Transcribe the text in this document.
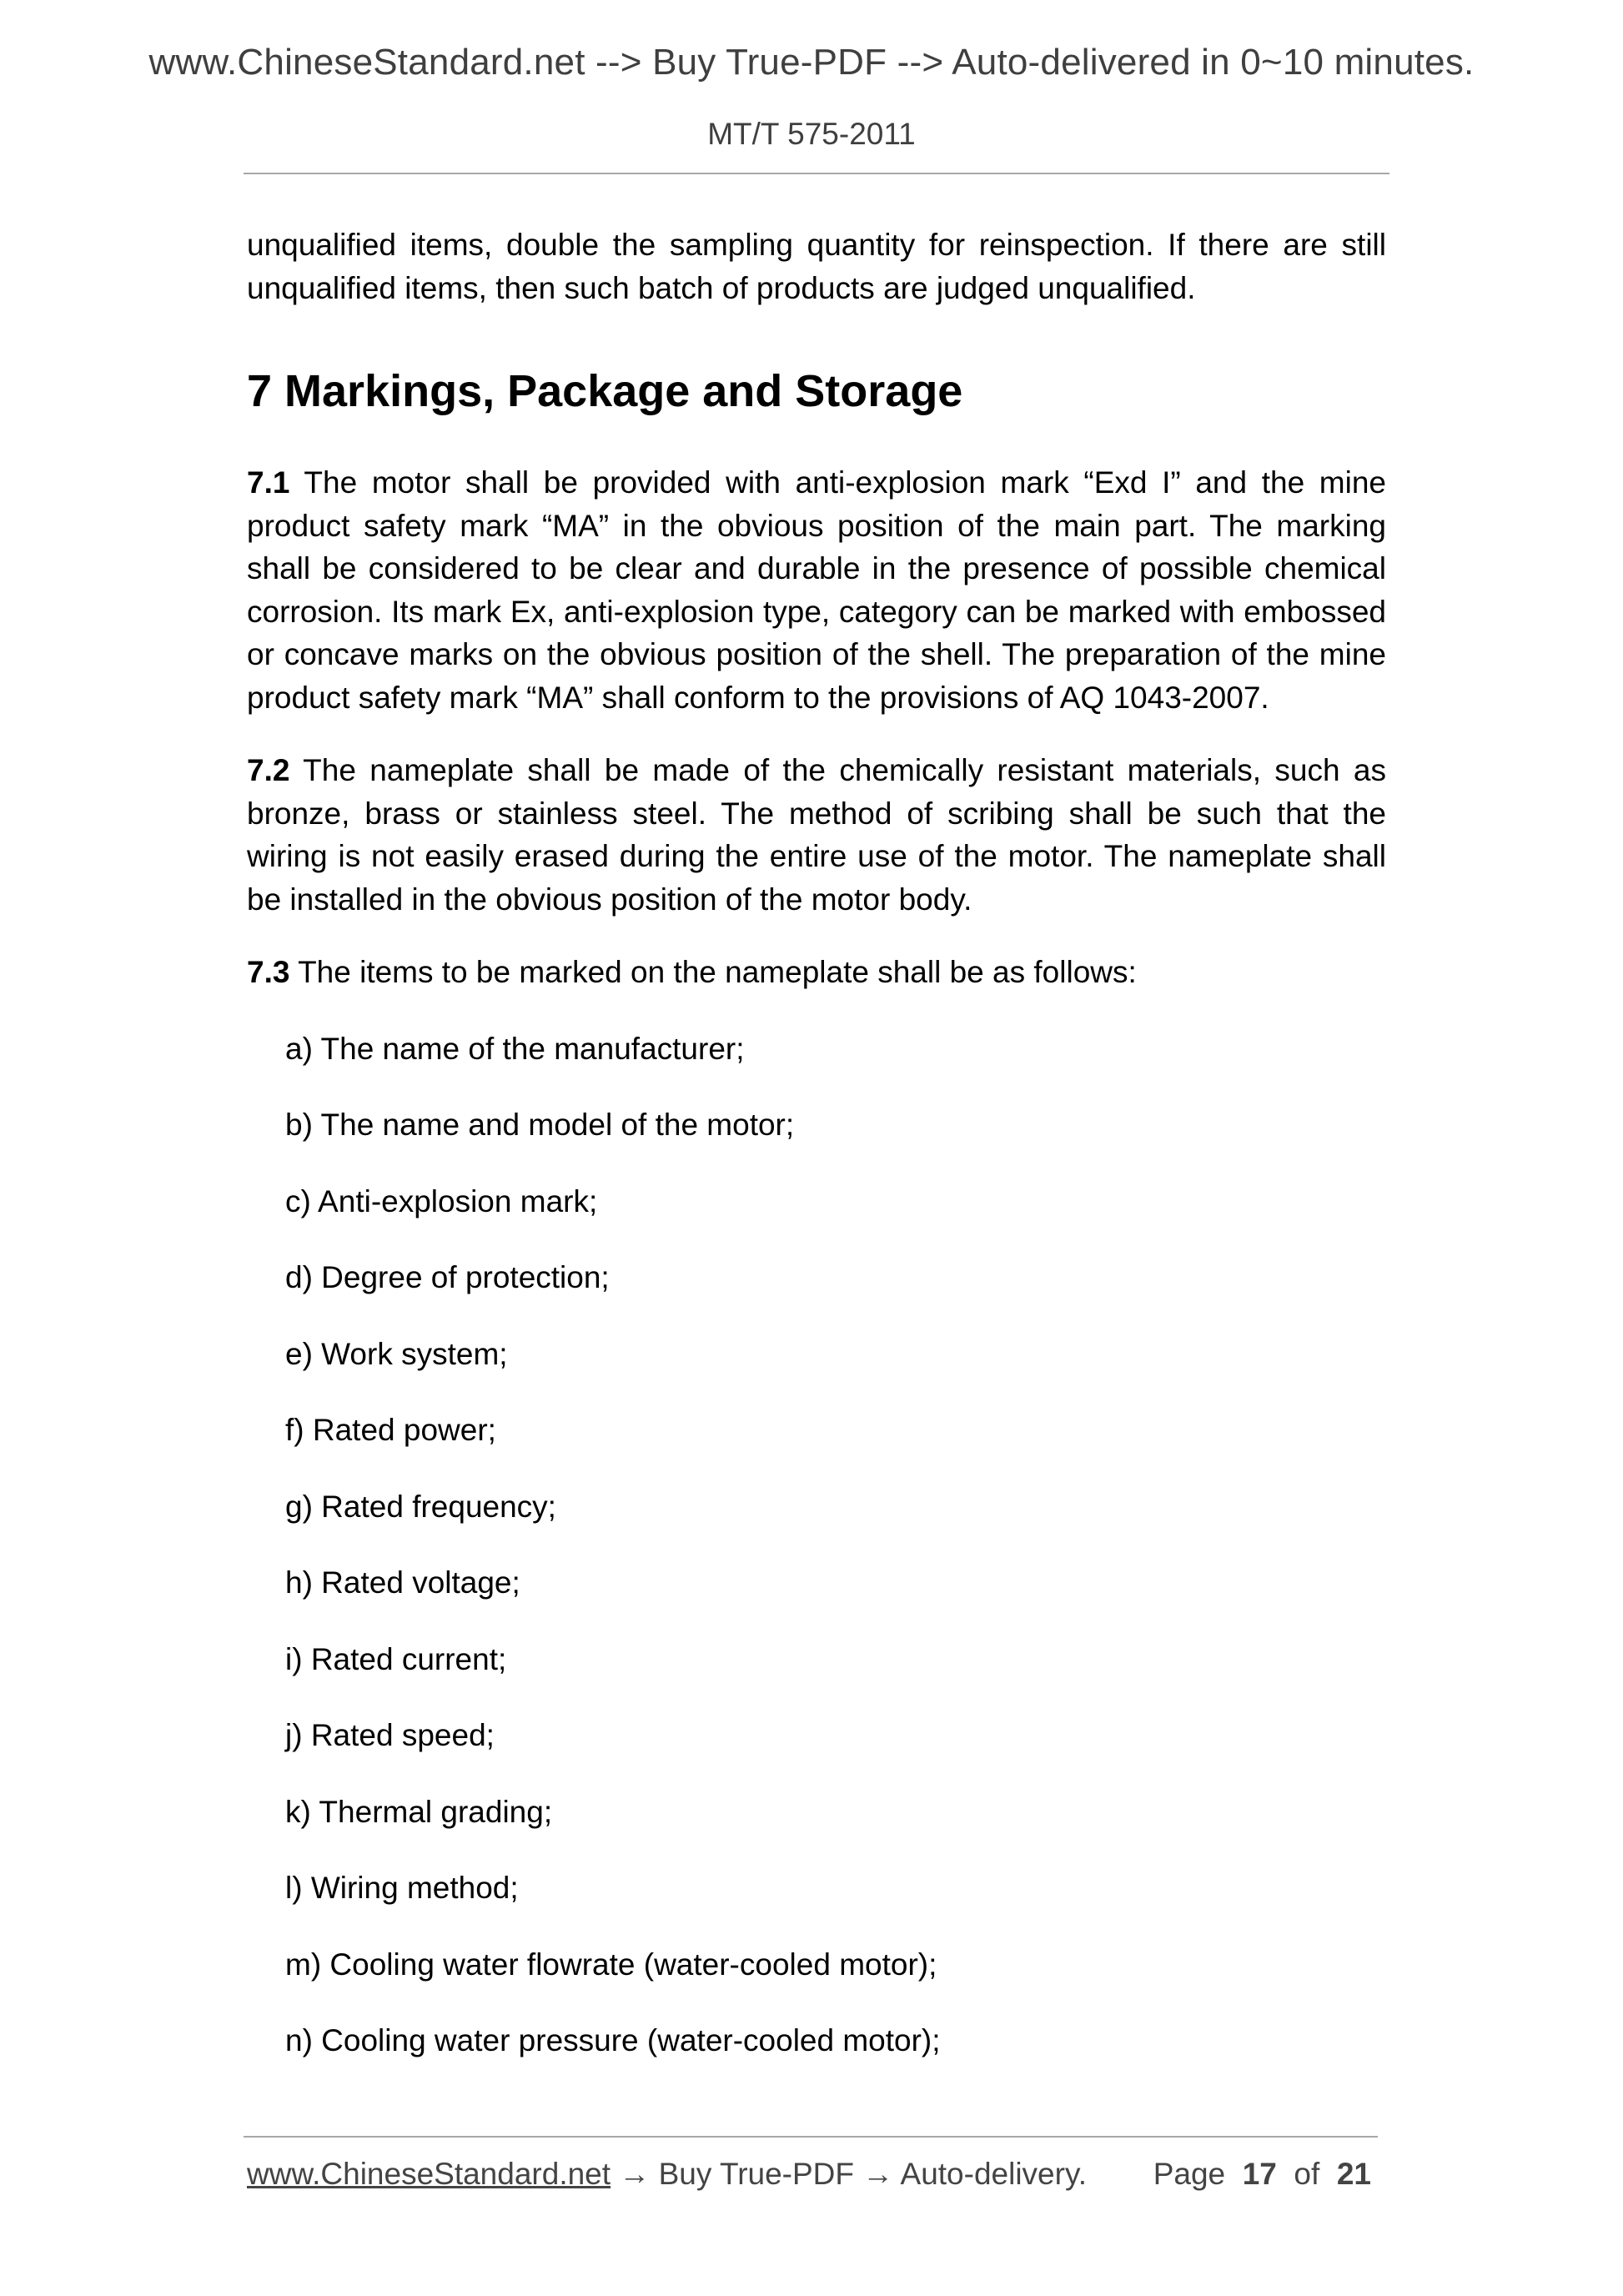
www.ChineseStandard.net --> Buy True-PDF --> Auto-delivered in 0~10 minutes.
MT/T 575-2011

unqualified items, double the sampling quantity for reinspection. If there are still unqualified items, then such batch of products are judged unqualified.

7 Markings, Package and Storage

7.1 The motor shall be provided with anti-explosion mark “Exd I” and the mine product safety mark “MA” in the obvious position of the main part. The marking shall be considered to be clear and durable in the presence of possible chemical corrosion. Its mark Ex, anti-explosion type, category can be marked with embossed or concave marks on the obvious position of the shell. The preparation of the mine product safety mark “MA” shall conform to the provisions of AQ 1043-2007.

7.2 The nameplate shall be made of the chemically resistant materials, such as bronze, brass or stainless steel. The method of scribing shall be such that the wiring is not easily erased during the entire use of the motor. The nameplate shall be installed in the obvious position of the motor body.

7.3 The items to be marked on the nameplate shall be as follows:

a) The name of the manufacturer;
b) The name and model of the motor;
c) Anti-explosion mark;
d) Degree of protection;
e) Work system;
f) Rated power;
g) Rated frequency;
h) Rated voltage;
i) Rated current;
j) Rated speed;
k) Thermal grading;
l) Wiring method;
m) Cooling water flowrate (water-cooled motor);
n) Cooling water pressure (water-cooled motor);
www.ChineseStandard.net → Buy True-PDF → Auto-delivery. Page 17 of 21
